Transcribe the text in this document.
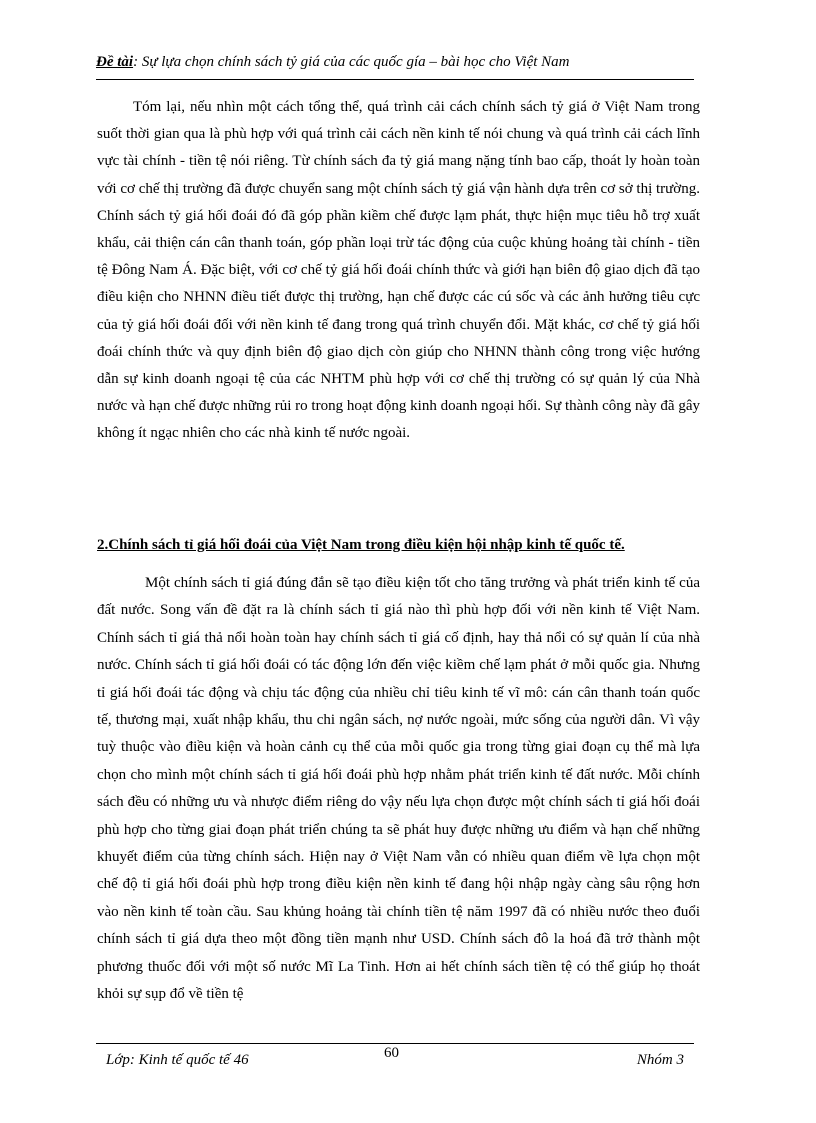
Đề tài: Sự lựa chọn chính sách tỷ giá của các quốc gía – bài học cho Việt Nam

Tóm lại, nếu nhìn một cách tổng thể, quá trình cải cách chính sách tỷ giá ở Việt Nam trong suốt thời gian qua là phù hợp với quá trình cải cách nền kinh tế nói chung và quá trình cải cách lĩnh vực tài chính - tiền tệ nói riêng. Từ chính sách đa tỷ giá mang nặng tính bao cấp, thoát ly hoàn toàn với cơ chế thị trường đã được chuyển sang một chính sách tỷ giá vận hành dựa trên cơ sở thị trường. Chính sách tỷ giá hối đoái đó đã góp phần kiềm chế được lạm phát, thực hiện mục tiêu hỗ trợ xuất khẩu, cải thiện cán cân thanh toán, góp phần loại trừ tác động của cuộc khủng hoảng tài chính - tiền tệ Đông Nam Á. Đặc biệt, với cơ chế tỷ giá hối đoái chính thức và giới hạn biên độ giao dịch đã tạo điều kiện cho NHNN điều tiết được thị trường, hạn chế được các cú sốc và các ảnh hưởng tiêu cực của tỷ giá hối đoái đối với nền kinh tế đang trong quá trình chuyển đổi. Mặt khác, cơ chế tỷ giá hối đoái chính thức và quy định biên độ giao dịch còn giúp cho NHNN thành công trong việc hướng dẫn sự kinh doanh ngoại tệ của các NHTM phù hợp với cơ chế thị trường có sự quản lý của Nhà nước và hạn chế được những rủi ro trong hoạt động kinh doanh ngoại hối. Sự thành công này đã gây không ít ngạc nhiên cho các nhà kinh tế nước ngoài.

2.Chính sách tỉ giá hối đoái của Việt Nam trong điều kiện hội nhập kinh tế quốc tế.

Một chính sách tỉ giá đúng đắn sẽ tạo điều kiện tốt cho tăng trưởng và phát triển kinh tế của đất nước. Song vấn đề đặt ra là chính sách tỉ giá nào thì phù hợp đối với nền kinh tế Việt Nam. Chính sách tỉ giá thả nổi hoàn toàn hay chính sách tỉ giá cố định, hay thả nổi có sự quản lí của nhà nước. Chính sách tỉ giá hối đoái có tác động lớn đến việc kiềm chế lạm phát ở mỗi quốc gia. Nhưng tỉ giá hối đoái tác động và chịu tác động của nhiều chỉ tiêu kinh tế vĩ mô: cán cân thanh toán quốc tế, thương mại, xuất nhập khẩu, thu chi ngân sách, nợ nước ngoài, mức sống của người dân. Vì vậy tuỳ thuộc vào điều kiện và hoàn cảnh cụ thể của mỗi quốc gia trong từng giai đoạn cụ thể mà lựa chọn cho mình một chính sách tỉ giá hối đoái phù hợp nhằm phát triển kinh tế đất nước. Mỗi chính sách đều có những ưu và nhược điểm riêng do vậy nếu lựa chọn được một chính sách tỉ giá hối đoái phù hợp cho từng giai đoạn phát triển chúng ta sẽ phát huy được những ưu điểm và hạn chế những khuyết điểm của từng chính sách. Hiện nay ở Việt Nam vẫn có nhiều quan điểm về lựa chọn một chế độ tỉ giá hối đoái phù hợp trong điều kiện nền kinh tế đang hội nhập ngày càng sâu rộng hơn vào nền kinh tế toàn cầu. Sau khủng hoảng tài chính tiền tệ năm 1997 đã có nhiều nước theo đuổi chính sách tỉ giá dựa theo một đồng tiền mạnh như USD. Chính sách đô la hoá đã trở thành một phương thuốc đối với một số nước Mĩ La Tinh. Hơn ai hết chính sách tiền tệ có thể giúp họ thoát khỏi sự sụp đổ về tiền tệ

Lớp: Kinh tế quốc tế 46	60	Nhóm 3
